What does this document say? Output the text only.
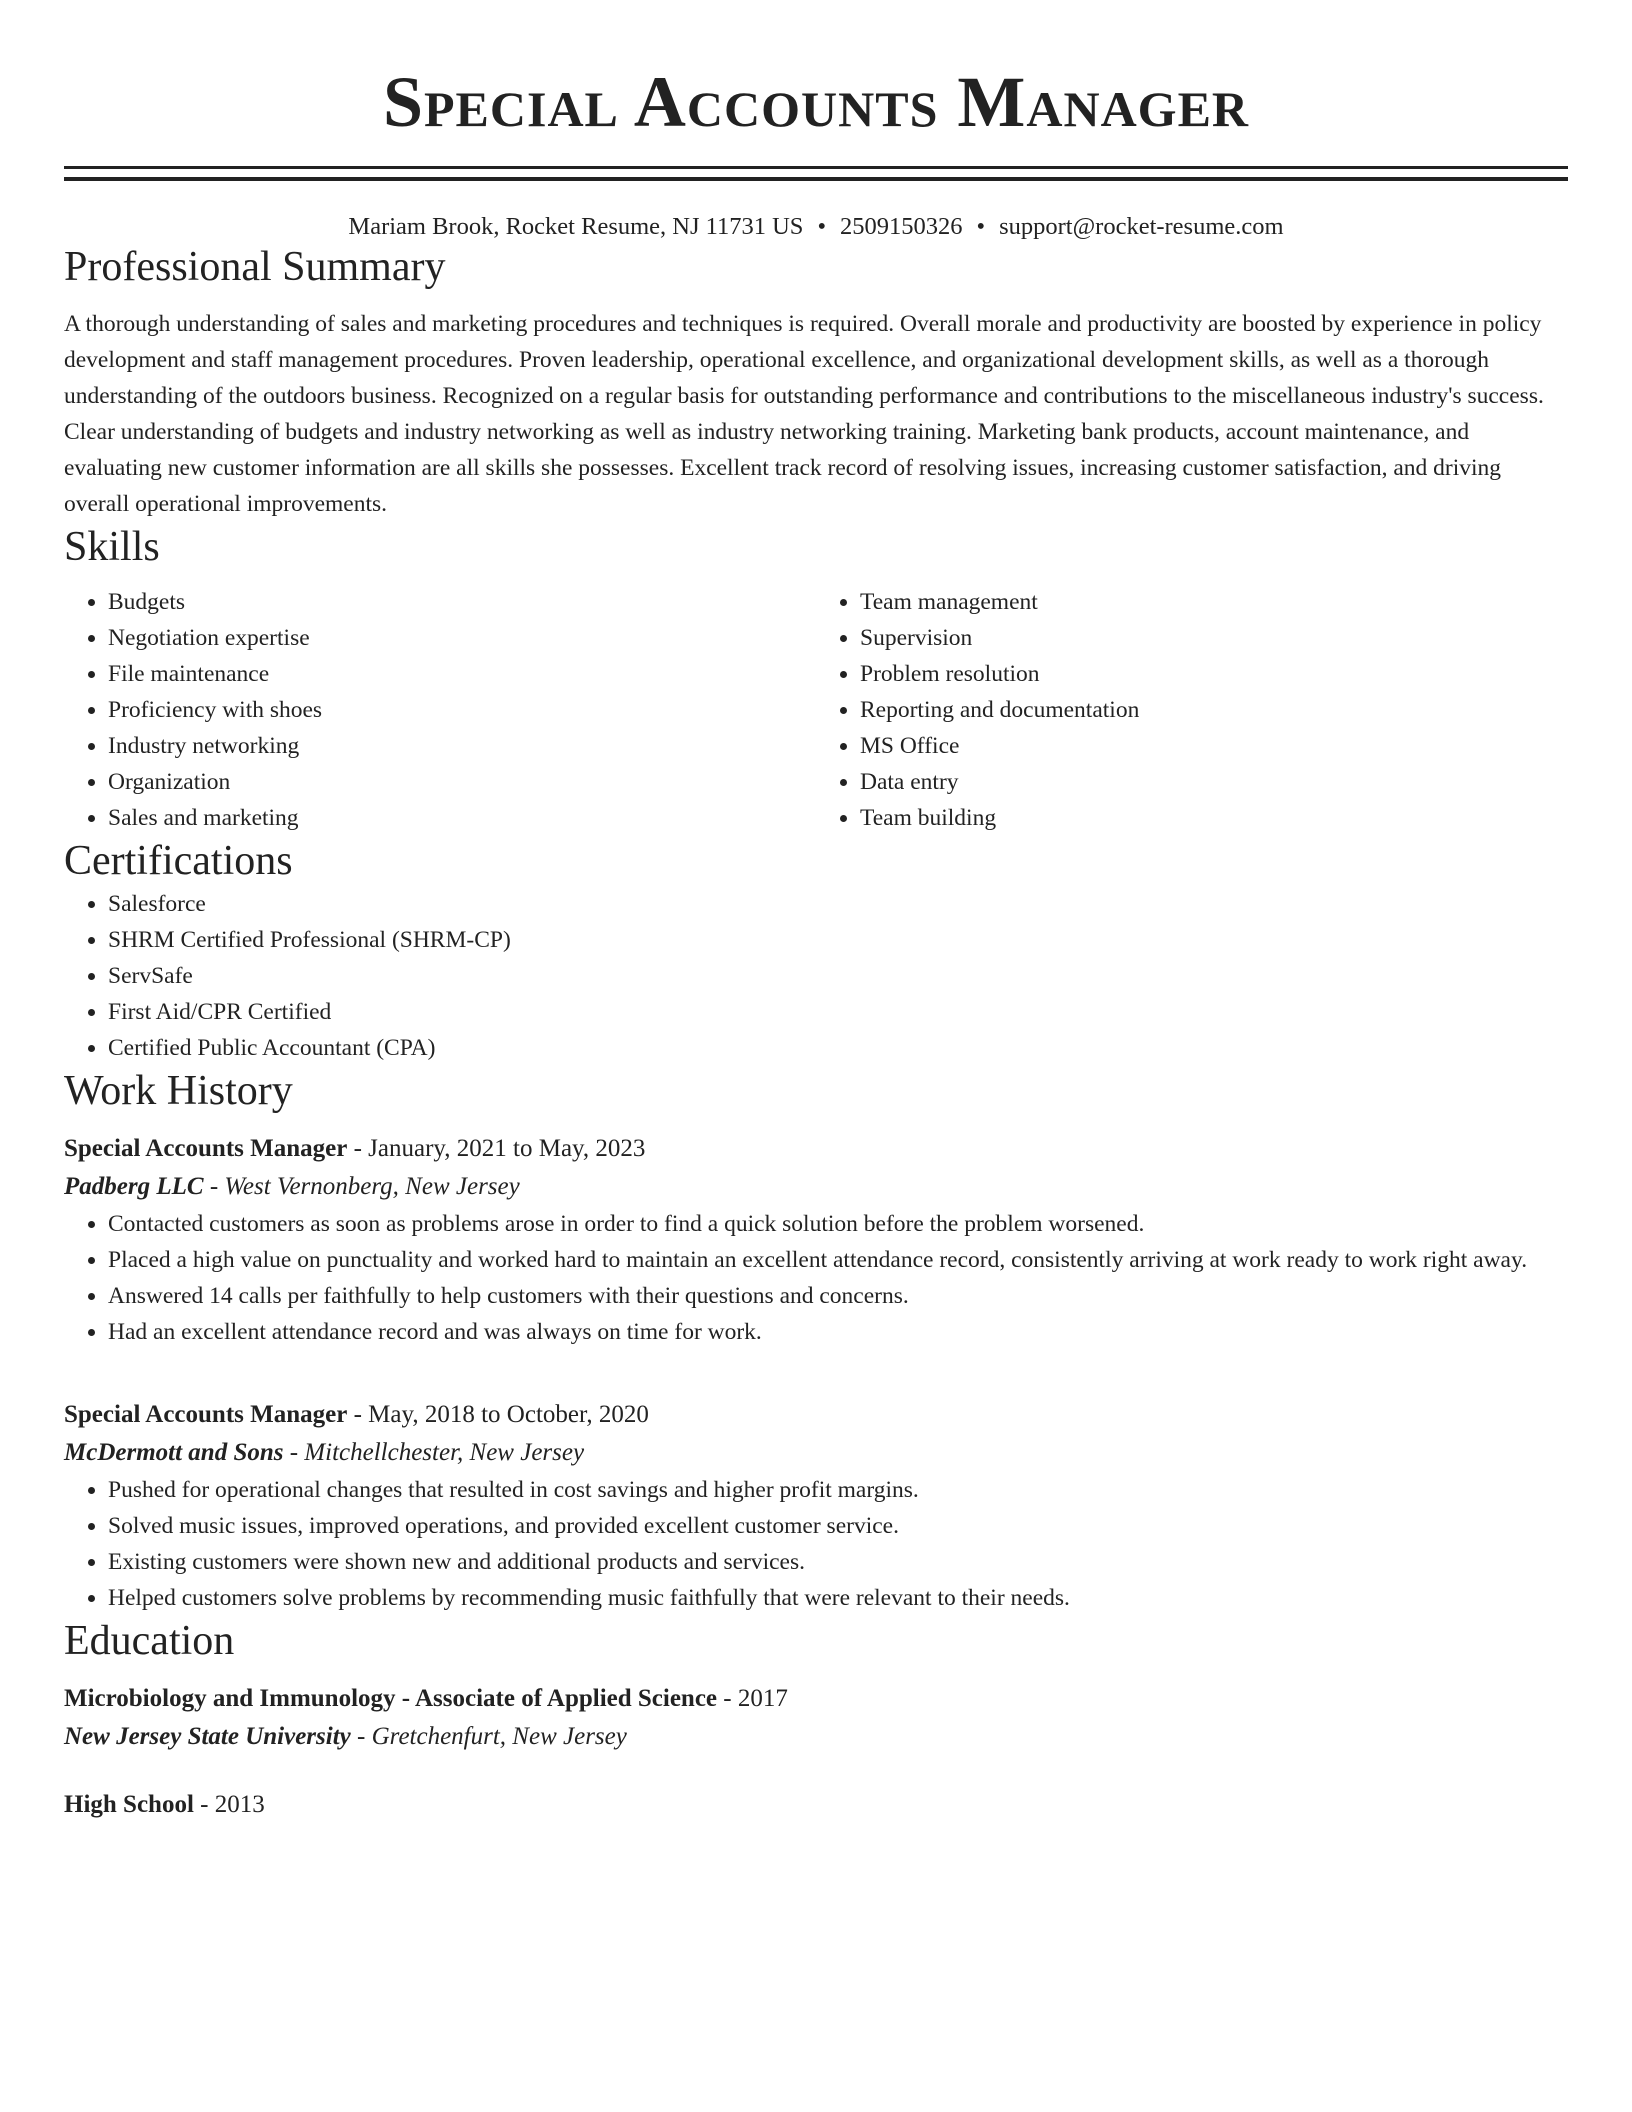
Special Accounts Manager
Mariam Brook, Rocket Resume, NJ 11731 US • 2509150326 • support@rocket-resume.com
Professional Summary

A thorough understanding of sales and marketing procedures and techniques is required. Overall morale and productivity are boosted by experience in policy development and staff management procedures. Proven leadership, operational excellence, and organizational development skills, as well as a thorough understanding of the outdoors business. Recognized on a regular basis for outstanding performance and contributions to the miscellaneous industry's success. Clear understanding of budgets and industry networking as well as industry networking training. Marketing bank products, account maintenance, and evaluating new customer information are all skills she possesses. Excellent track record of resolving issues, increasing customer satisfaction, and driving overall operational improvements.

Skills
• Budgets
• Negotiation expertise
• File maintenance
• Proficiency with shoes
• Industry networking
• Organization
• Sales and marketing
• Team management
• Supervision
• Problem resolution
• Reporting and documentation
• MS Office
• Data entry
• Team building
Certifications
• Salesforce
• SHRM Certified Professional (SHRM-CP)
• ServSafe
• First Aid/CPR Certified
• Certified Public Accountant (CPA)
Work History
Special Accounts Manager - January, 2021 to May, 2023
Padberg LLC - West Vernonberg, New Jersey
• Contacted customers as soon as problems arose in order to find a quick solution before the problem worsened.
• Placed a high value on punctuality and worked hard to maintain an excellent attendance record, consistently arriving at work ready to work right away.
• Answered 14 calls per faithfully to help customers with their questions and concerns.
• Had an excellent attendance record and was always on time for work.
Special Accounts Manager - May, 2018 to October, 2020
McDermott and Sons - Mitchellchester, New Jersey
• Pushed for operational changes that resulted in cost savings and higher profit margins.
• Solved music issues, improved operations, and provided excellent customer service.
• Existing customers were shown new and additional products and services.
• Helped customers solve problems by recommending music faithfully that were relevant to their needs.
Education
Microbiology and Immunology - Associate of Applied Science - 2017
New Jersey State University - Gretchenfurt, New Jersey
High School - 2013
